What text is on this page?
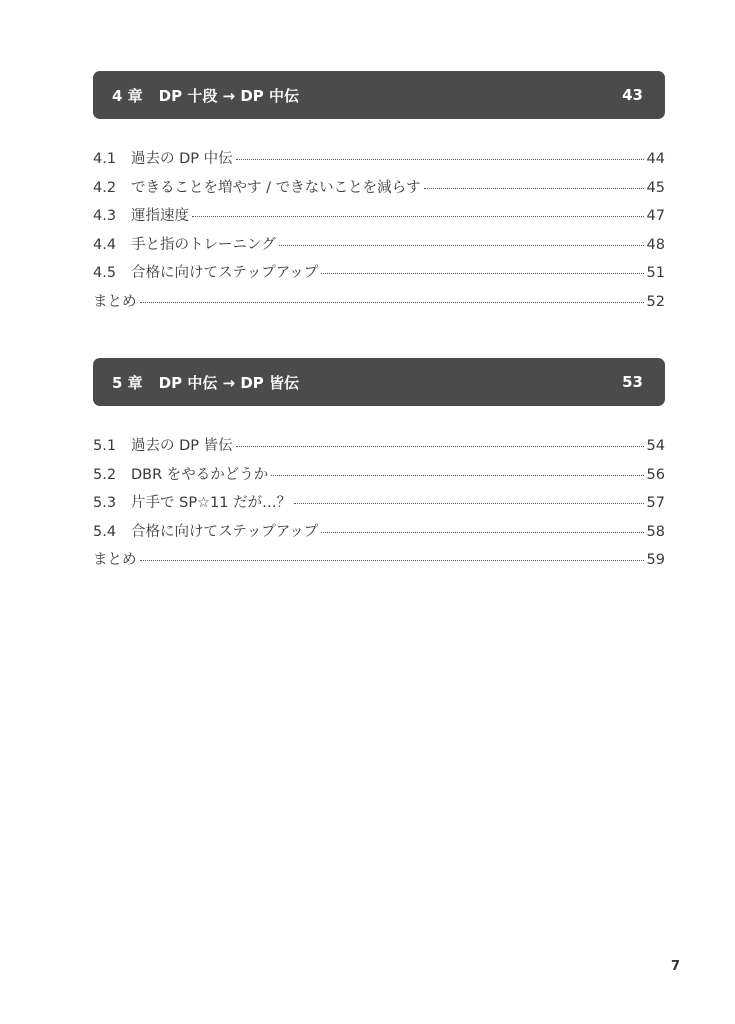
4 章 DP 十段 → DP 中伝	43
4.1	過去の DP 中伝	44
4.2	できることを増やす / できないことを減らす	45
4.3	運指速度	47
4.4	手と指のトレーニング	48
4.5	合格に向けてステップアップ	51
まとめ	52
5 章 DP 中伝 → DP 皆伝	53
5.1	過去の DP 皆伝	54
5.2	DBR をやるかどうか	56
5.3	片手で SP☆11 だが…？	57
5.4	合格に向けてステップアップ	58
まとめ	59
7
